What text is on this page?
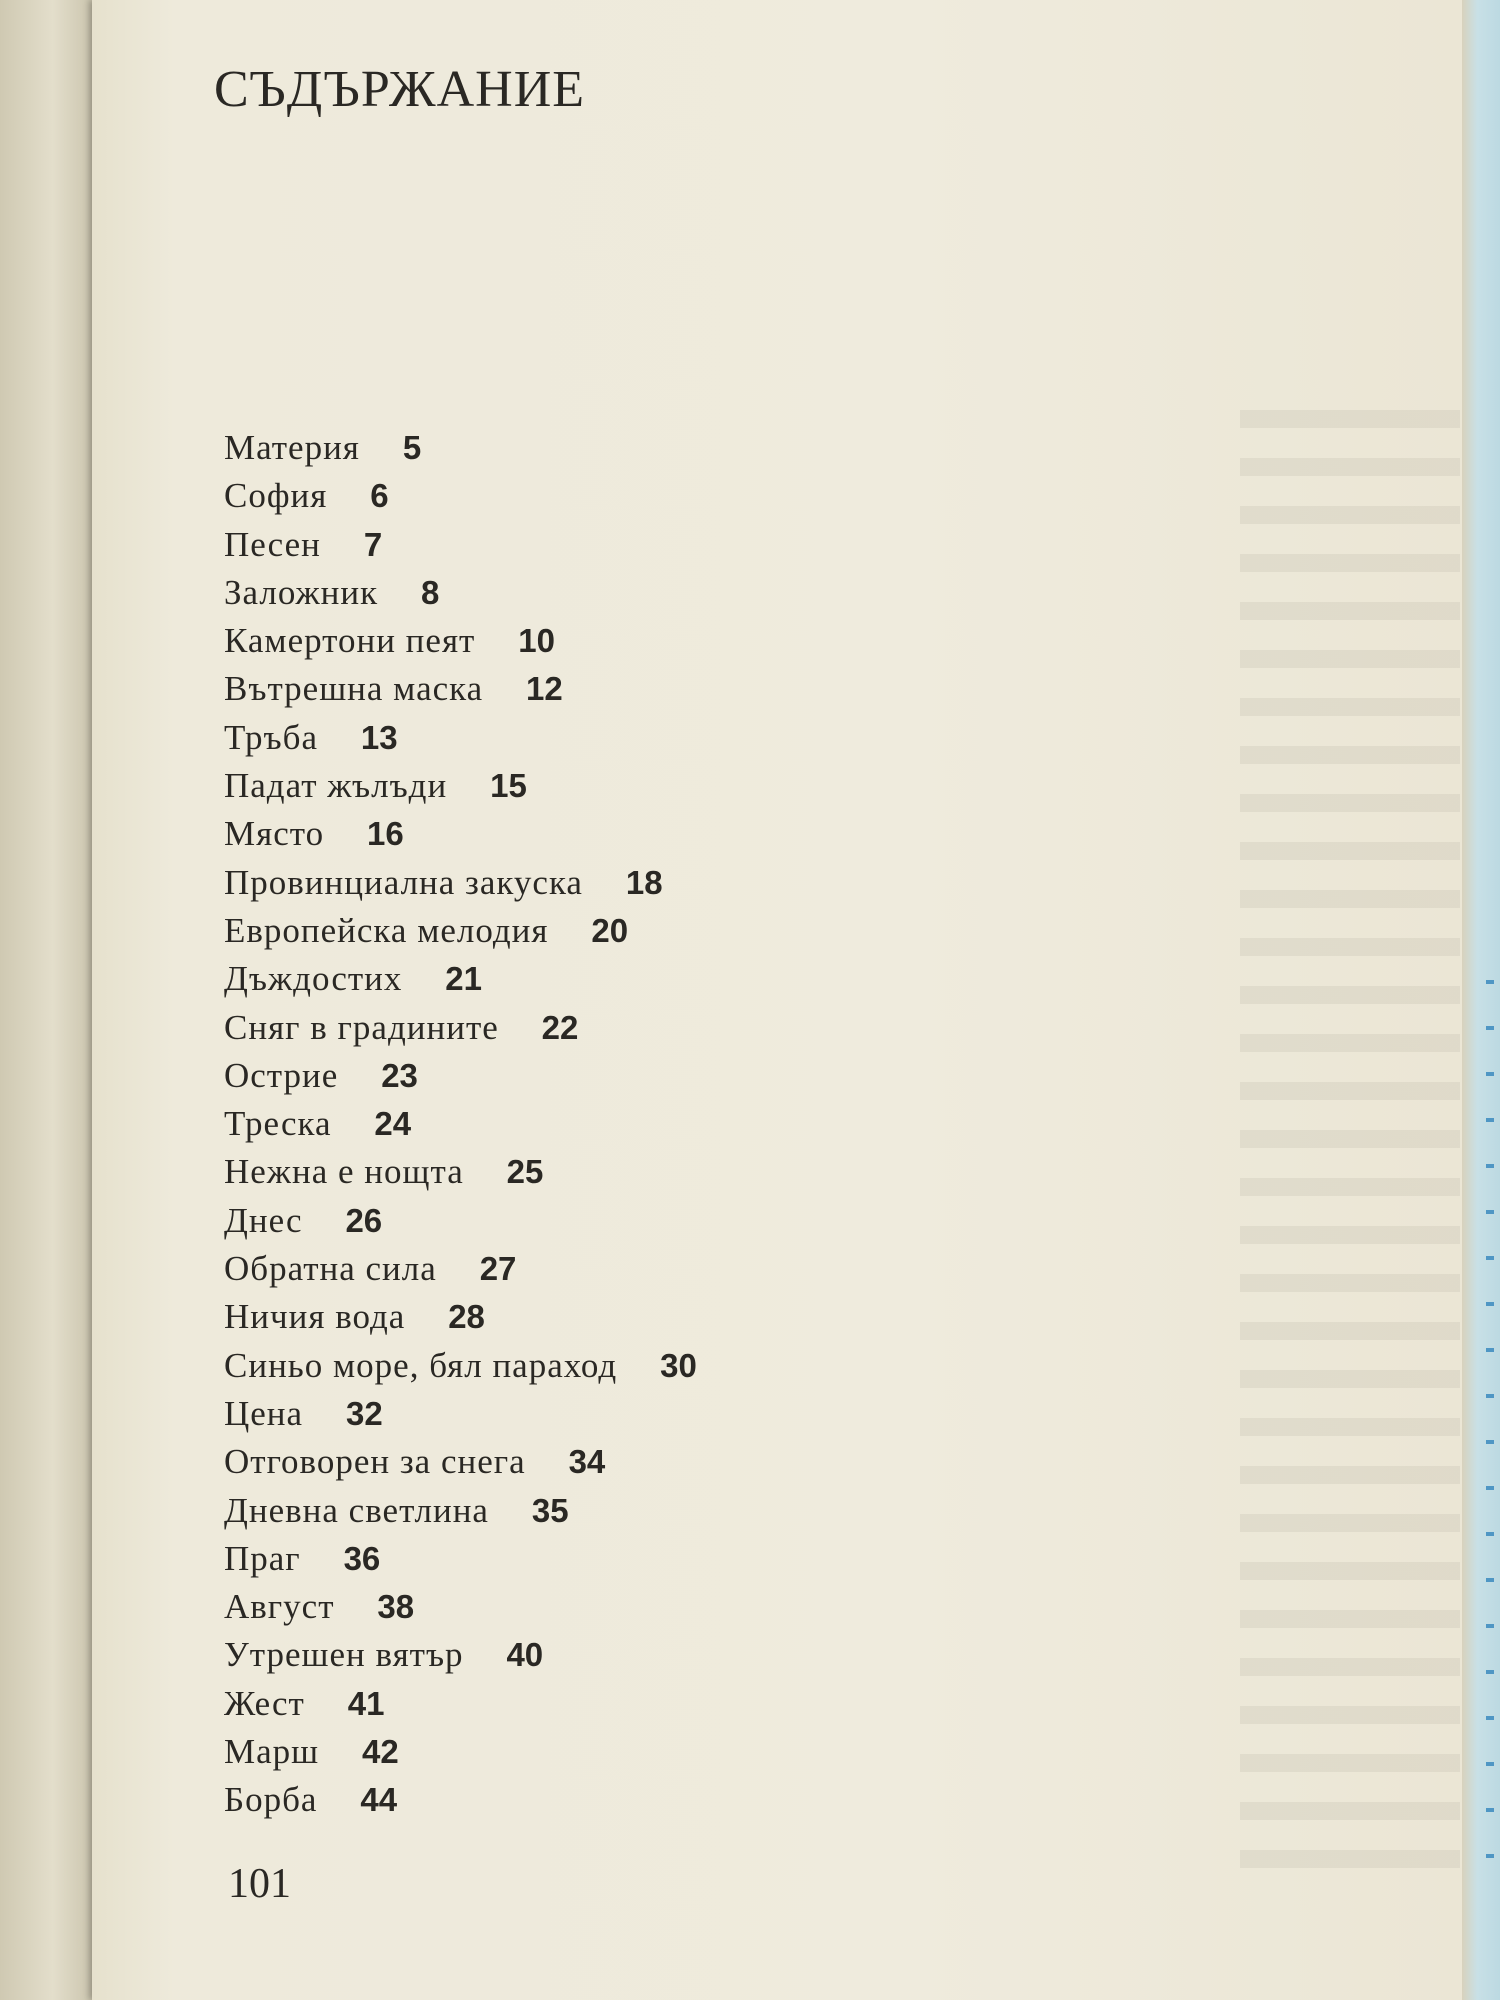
СЪДЪРЖАНИЕ
Материя 5
София 6
Песен 7
Заложник 8
Камертони пеят 10
Вътрешна маска 12
Тръба 13
Падат жълъди 15
Място 16
Провинциална закуска 18
Европейска мелодия 20
Дъждостих 21
Сняг в градините 22
Острие 23
Треска 24
Нежна е нощта 25
Днес 26
Обратна сила 27
Ничия вода 28
Синьо море, бял параход 30
Цена 32
Отговорен за снега 34
Дневна светлина 35
Праг 36
Август 38
Утрешен вятър 40
Жест 41
Марш 42
Борба 44
101
